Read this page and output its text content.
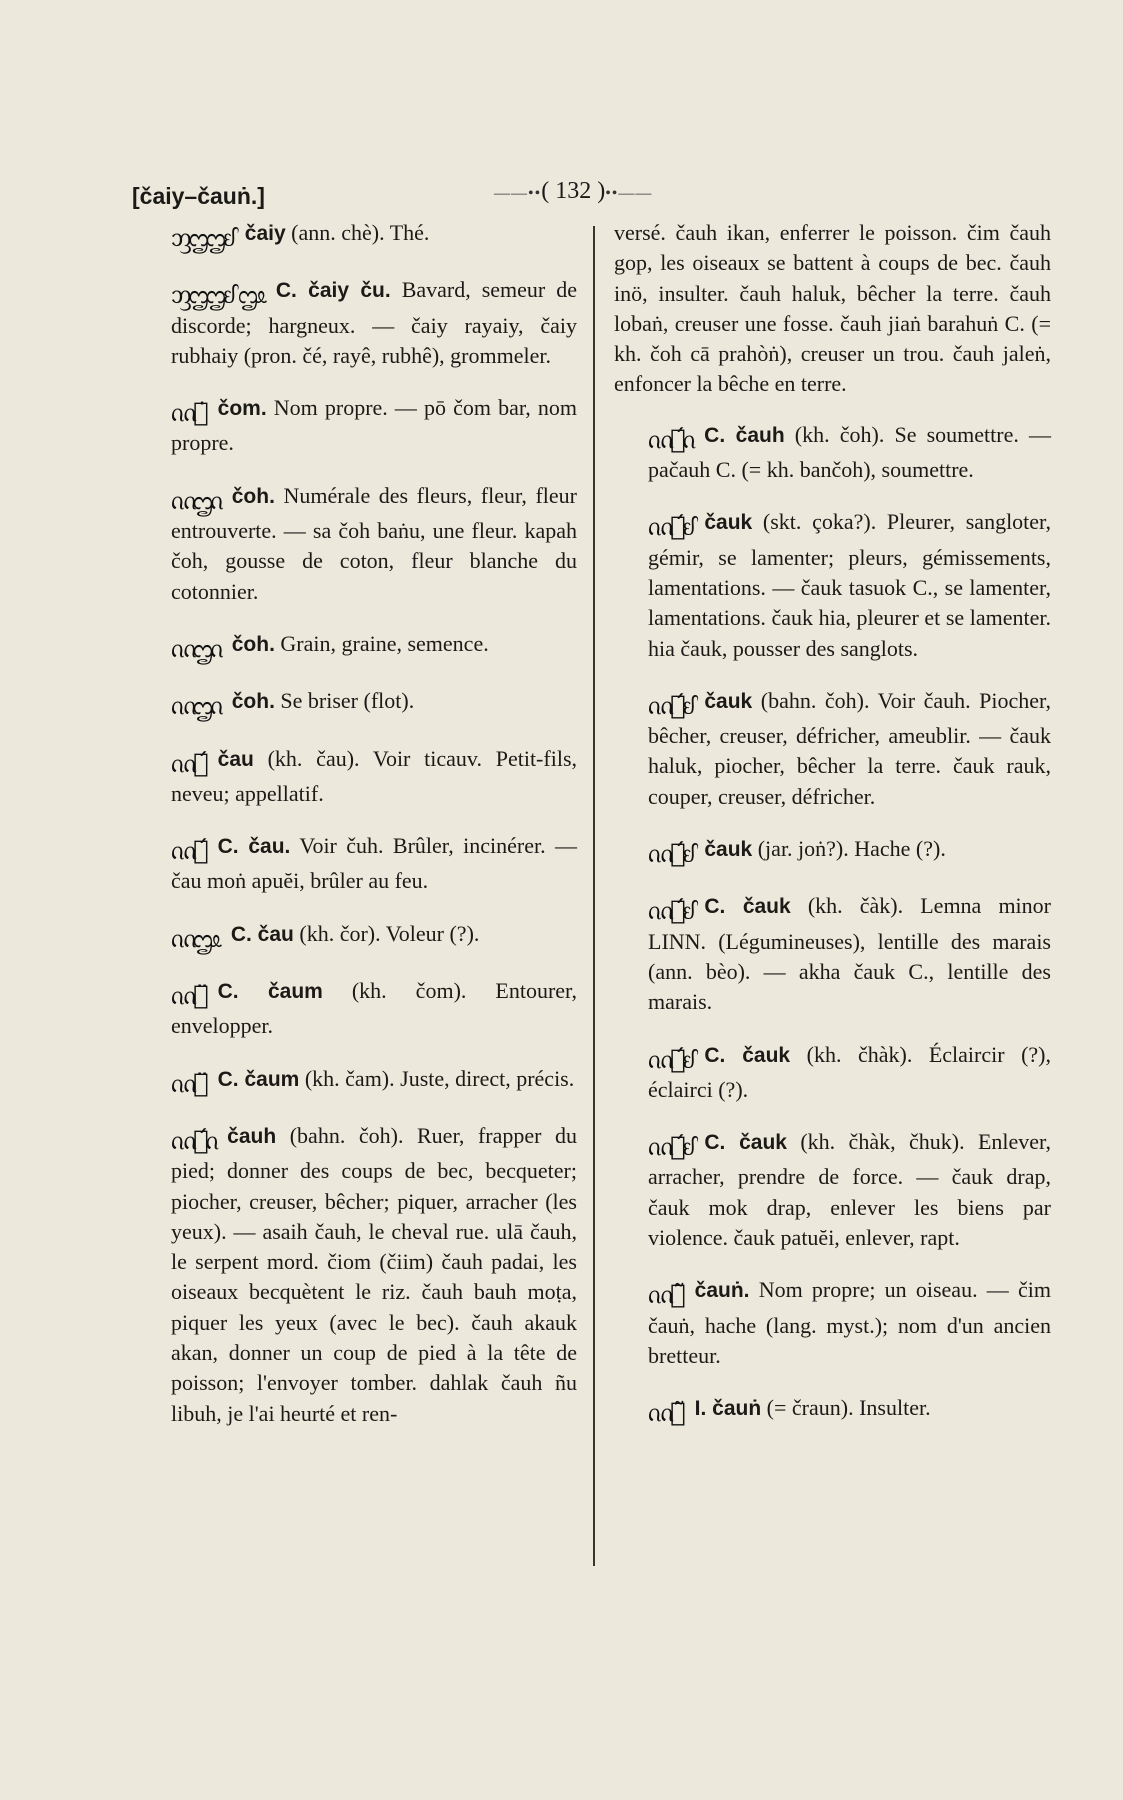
[čaiy–čauṅ.]	——••( 132 )••——

ᦀᦗᦗᦊ čaiy (ann. chè). Thé.

ᦀᦗᦗᦊ ᦗᦸ C. čaiy ču. Bavard, semeur de discorde; hargneux. — čaiy rayaiy, čaiy rubhaiy (pron. čé, rayê, rubhê), grommeler.

ᦶᦗ̇ čom. Nom propre. — pō čom bar, nom propre.

ᦶᦗᦵ čoh. Numérale des fleurs, fleur, fleur entrouverte. — sa čoh baṅu, une fleur. kapah čoh, gousse de coton, fleur blanche du cotonnier.

ᦶᦗᦵ čoh. Grain, graine, semence.

ᦶᦗᦵ čoh. Se briser (flot).

ᦶᦗ́ čau (kh. čau). Voir ticauv. Petit-fils, neveu; appellatif.

ᦶᦗ́ C. čau. Voir čuh. Brûler, incinérer. — čau moṅ apuĕi, brûler au feu.

ᦶᦗᦸ C. čau (kh. čor). Voleur (?).

ᦶᦗ̈ C. čaum (kh. čom). Entourer, envelopper.

ᦶᦗ̈ C. čaum (kh. čam). Juste, direct, précis.

ᦶᦗ́ᦵ čauh (bahn. čoh). Ruer, frapper du pied; donner des coups de bec, becqueter; piocher, creuser, bêcher; piquer, arracher (les yeux). — asaih čauh, le cheval rue. ulā čauh, le serpent mord. čiom (čiim) čauh padai, les oiseaux becquètent le riz. čauh bauh moṭa, piquer les yeux (avec le bec). čauh akauk akan, donner un coup de pied à la tête de poisson; l'envoyer tomber. dahlak čauh ñu libuh, je l'ai heurté et ren-

versé. čauh ikan, enferrer le poisson. čim čauh gop, les oiseaux se battent à coups de bec. čauh inö, insulter. čauh haluk, bêcher la terre. čauh lobaṅ, creuser une fosse. čauh jiaṅ barahuṅ C. (= kh. čoh cā prahòṅ), creuser un trou. čauh jaleṅ, enfoncer la bêche en terre.

ᦶᦗ́ᦵ C. čauh (kh. čoh). Se soumettre. — pačauh C. (= kh. bančoh), soumettre.

ᦶᦗ́ᦊ čauk (skt. çoka?). Pleurer, sangloter, gémir, se lamenter; pleurs, gémissements, lamentations. — čauk tasuok C., se lamenter, lamentations. čauk hia, pleurer et se lamenter. hia čauk, pousser des sanglots.

ᦶᦗ́ᦊ čauk (bahn. čoh). Voir čauh. Piocher, bêcher, creuser, défricher, ameublir. — čauk haluk, piocher, bêcher la terre. čauk rauk, couper, creuser, défricher.

ᦶᦗ́ᦊ čauk (jar. joṅ?). Hache (?).

ᦶᦗ́ᦊ C. čauk (kh. čàk). Lemna minor LINN. (Légumineuses), lentille des marais (ann. bèo). — akha čauk C., lentille des marais.

ᦶᦗ́ᦊ C. čauk (kh. čhàk). Éclaircir (?), éclairci (?).

ᦶᦗ́ᦊ C. čauk (kh. čhàk, čhuk). Enlever, arracher, prendre de force. — čauk drap, čauk mok drap, enlever les biens par violence. čauk patuĕi, enlever, rapt.

ᦶᦗ̃ čauṅ. Nom propre; un oiseau. — čim čauṅ, hache (lang. myst.); nom d'un ancien bretteur.

ᦶᦗ̃ I. čauṅ (= čraun). Insulter.
